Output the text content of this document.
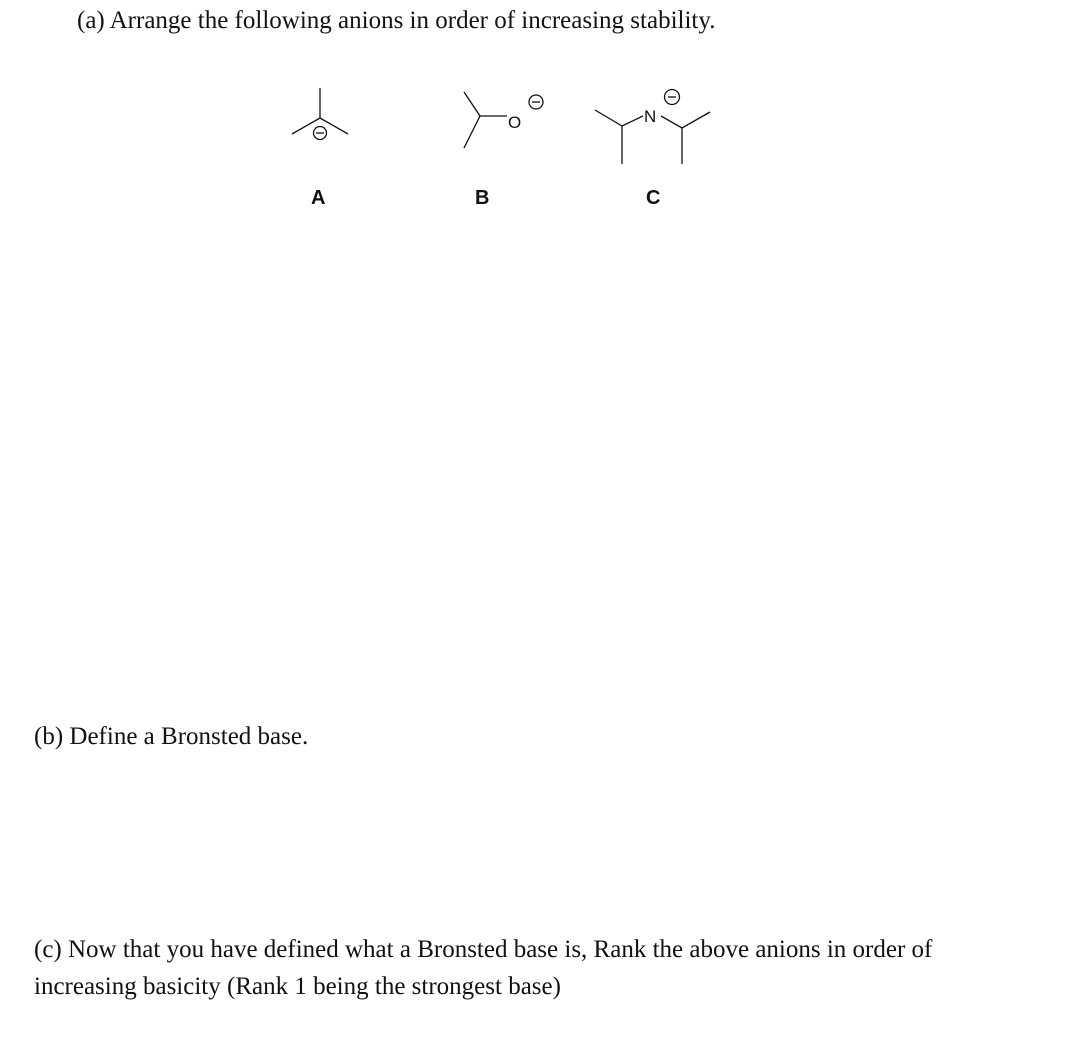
(a) Arrange the following anions in order of increasing stability.
A
O
B
N
C
(b) Define a Bronsted base.
(c) Now that you have defined what a Bronsted base is, Rank the above anions in order of
increasing basicity (Rank 1 being the strongest base)
